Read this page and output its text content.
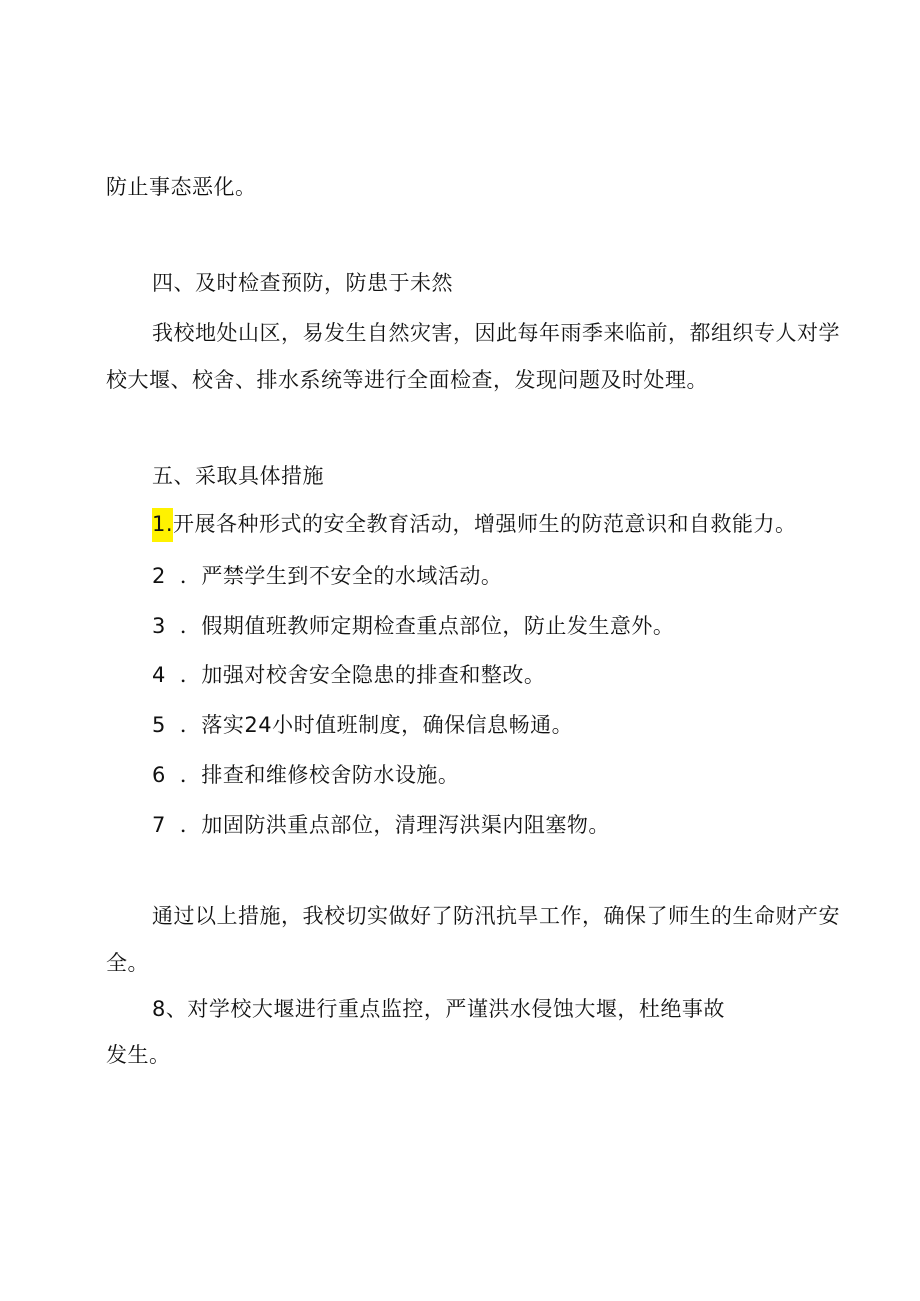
防止事态恶化。
四、及时检查预防，防患于未然
我校地处山区，易发生自然灾害，因此每年雨季来临前，都组织专人对学
校大堰、校舍、排水系统等进行全面检查，发现问题及时处理。
五、采取具体措施
1.开展各种形式的安全教育活动，增强师生的防范意识和自救能力。
2 ．严禁学生到不安全的水域活动。
3 ．假期值班教师定期检查重点部位，防止发生意外。
4 ．加强对校舍安全隐患的排查和整改。
5 ．落实24小时值班制度，确保信息畅通。
6 ．排查和维修校舍防水设施。
7 ．加固防洪重点部位，清理泻洪渠内阻塞物。
通过以上措施，我校切实做好了防汛抗旱工作，确保了师生的生命财产安
全。
8、对学校大堰进行重点监控，严谨洪水侵蚀大堰，杜绝事故
发生。
